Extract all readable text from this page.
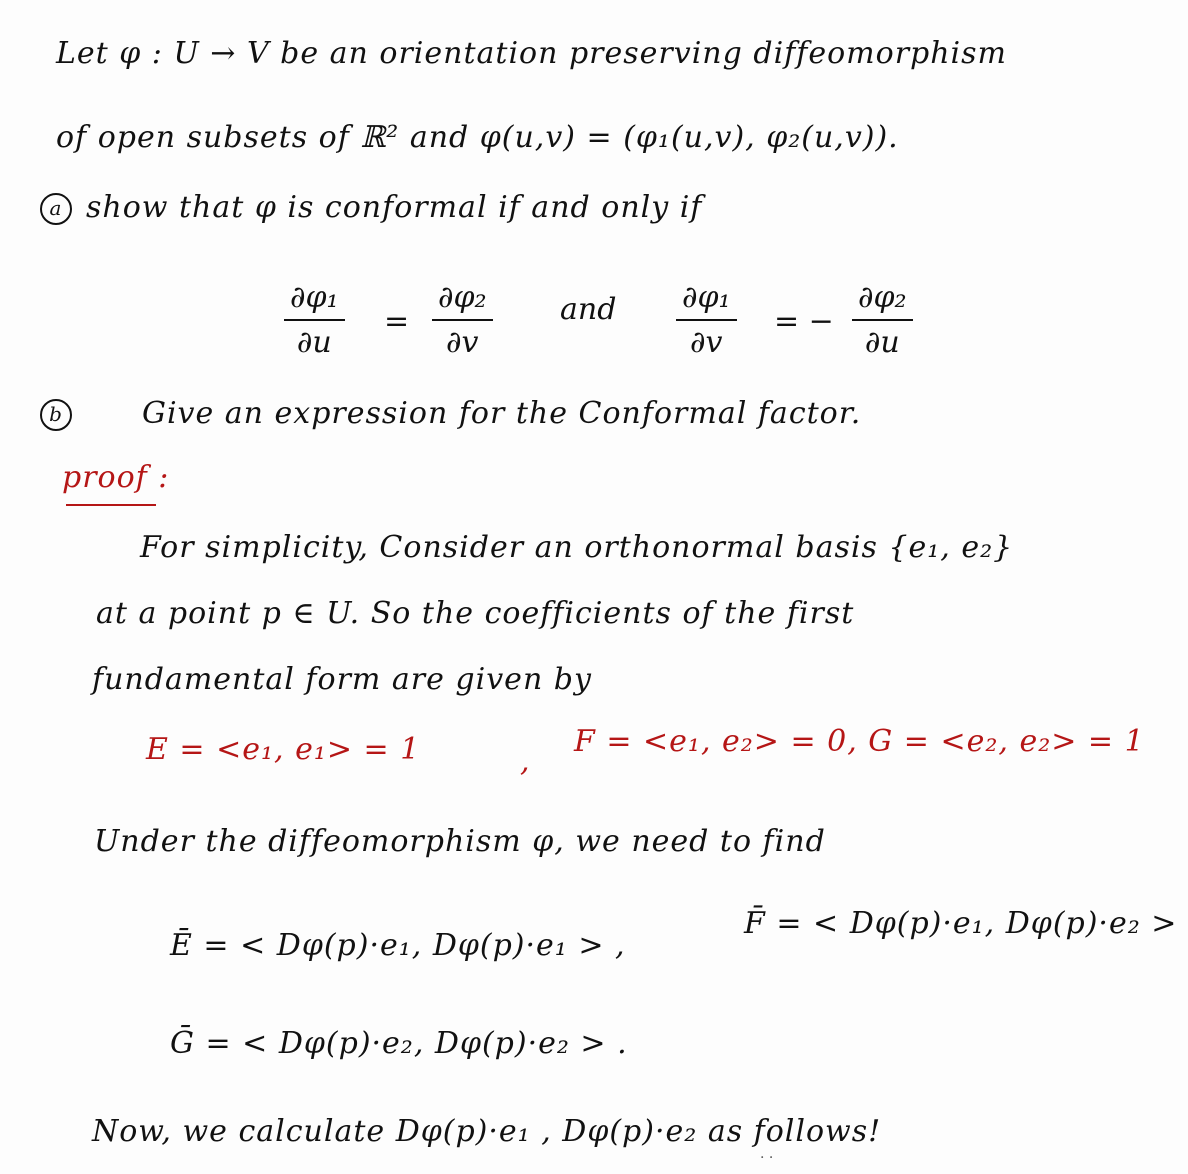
Let φ : U → V be an orientation preserving diffeomorphism
of open subsets of ℝ² and φ(u,v) = (φ₁(u,v), φ₂(u,v)).
a show that φ is conformal if and only if
∂φ₁
∂u
=
∂φ₂
∂v
and ∂φ₁
∂v
= −
∂φ₂
∂u
b	Give an expression for the Conformal factor.
proof :
For simplicity, Consider an orthonormal basis {e₁, e₂}
at a point p ∈ U. So the coefficients of the first
fundamental form are given by
E = <e₁, e₁> = 1	,
F = <e₁, e₂> = 0, G = <e₂, e₂> = 1
Under the diffeomorphism φ, we need to find
Ē = < Dφ(p)·e₁, Dφ(p)·e₁ > ,
F̄ = < Dφ(p)·e₁, Dφ(p)·e₂ >
Ḡ = < Dφ(p)·e₂, Dφ(p)·e₂ > .
Now, we calculate Dφ(p)·e₁ , Dφ(p)·e₂ as follows!
· ·
